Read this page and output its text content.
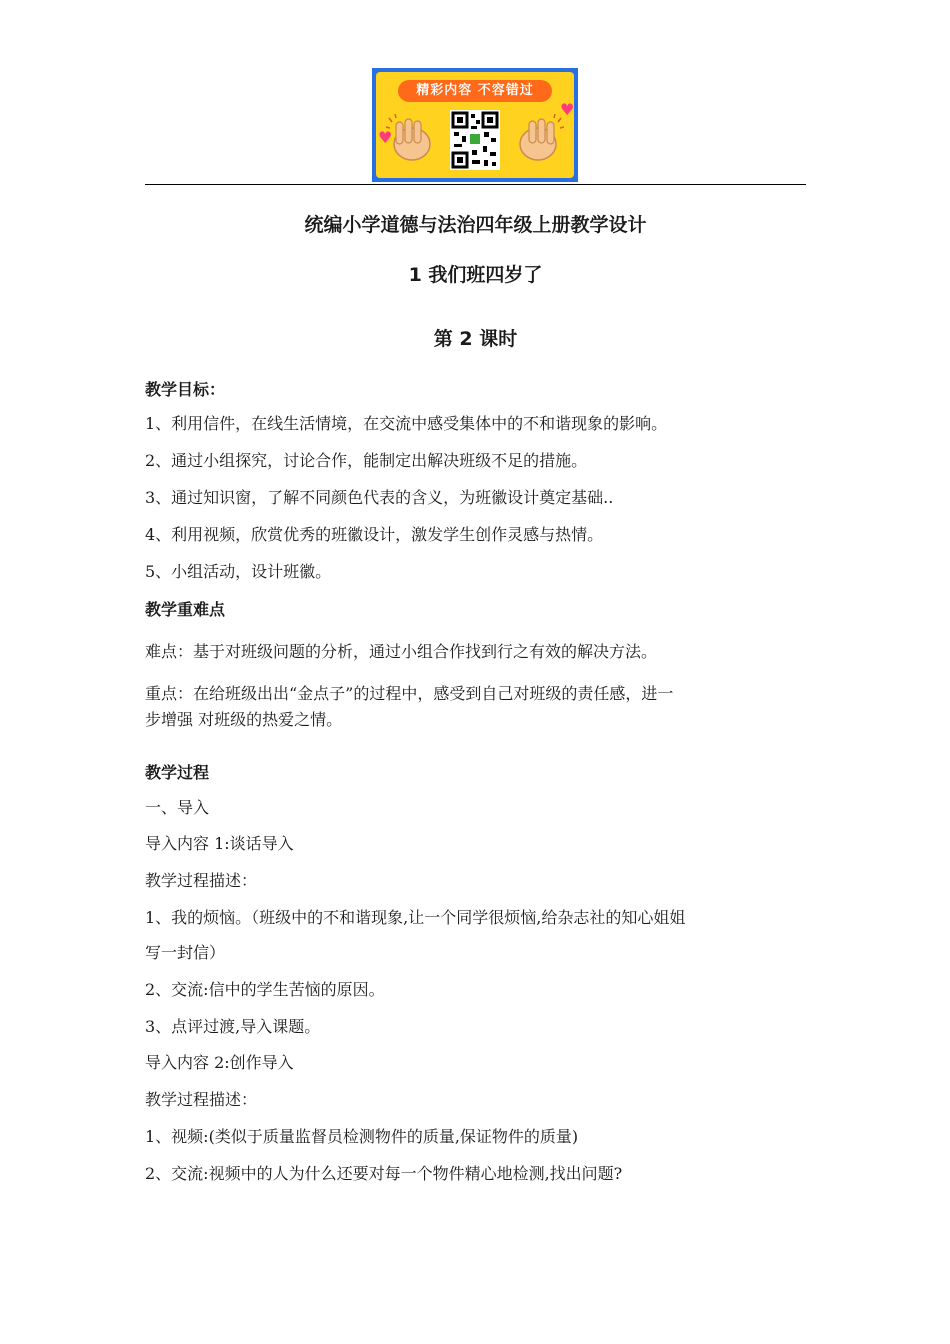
精彩内容 不容错过
♥
♥
统编小学道德与法治四年级上册教学设计
1 我们班四岁了
第 2 课时
教学目标：
1、利用信件，在线生活情境，在交流中感受集体中的不和谐现象的影响。
2、通过小组探究，讨论合作，能制定出解决班级不足的措施。
3、通过知识窗，了解不同颜色代表的含义，为班徽设计奠定基础..
4、利用视频，欣赏优秀的班徽设计，激发学生创作灵感与热情。
5、小组活动，设计班徽。
教学重难点
难点：基于对班级问题的分析，通过小组合作找到行之有效的解决方法。
重点：在给班级出出“金点子”的过程中，感受到自己对班级的责任感，进一
步增强 对班级的热爱之情。
教学过程
一、导入
导入内容 1:谈话导入
教学过程描述：
1、我的烦恼。（班级中的不和谐现象,让一个同学很烦恼,给杂志社的知心姐姐
写一封信）
2、交流:信中的学生苦恼的原因。
3、点评过渡,导入课题。
导入内容 2:创作导入
教学过程描述：
1、视频:(类似于质量监督员检测物件的质量,保证物件的质量)
2、交流:视频中的人为什么还要对每一个物件精心地检测,找出问题?
